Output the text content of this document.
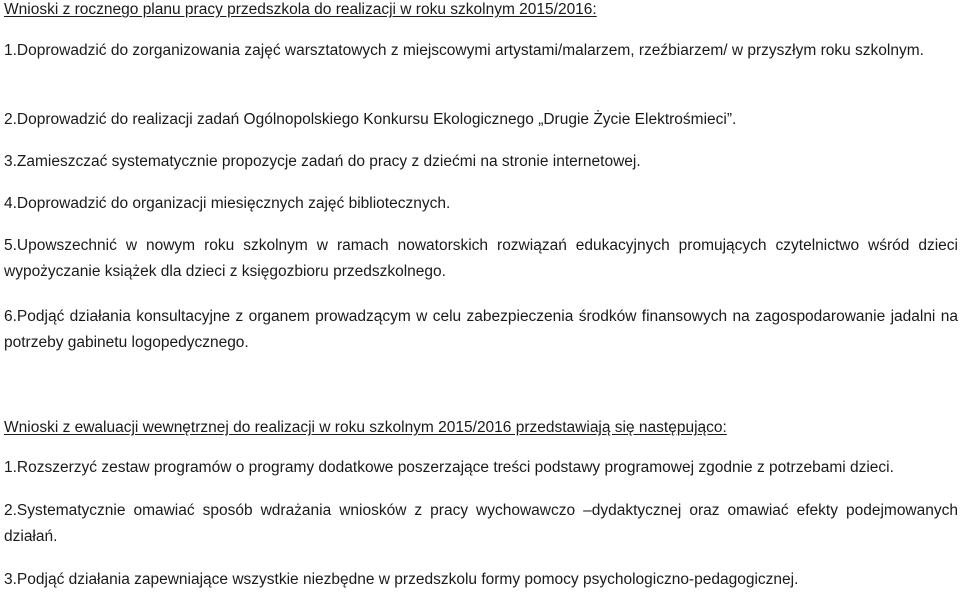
Wnioski z rocznego planu pracy przedszkola do realizacji w roku szkolnym 2015/2016:

1.Doprowadzić do zorganizowania zajęć warsztatowych z miejscowymi artystami/malarzem, rzeźbiarzem/ w przyszłym roku szkolnym.

2.Doprowadzić do realizacji zadań Ogólnopolskiego Konkursu Ekologicznego „Drugie Życie Elektrośmieci”.

3.Zamieszczać systematycznie propozycje zadań do pracy z dziećmi na stronie internetowej.

4.Doprowadzić do organizacji miesięcznych zajęć bibliotecznych.

5.Upowszechnić w nowym roku szkolnym w ramach nowatorskich rozwiązań edukacyjnych promujących czytelnictwo wśród dzieci wypożyczanie książek dla dzieci z księgozbioru przedszkolnego.

6.Podjąć działania konsultacyjne z organem prowadzącym w celu zabezpieczenia środków finansowych na zagospodarowanie jadalni na potrzeby gabinetu logopedycznego.

Wnioski z ewaluacji wewnętrznej do realizacji w roku szkolnym 2015/2016 przedstawiają się następująco:

1.Rozszerzyć zestaw programów o programy dodatkowe poszerzające treści podstawy programowej zgodnie z potrzebami dzieci.

2.Systematycznie omawiać sposób wdrażania wniosków z pracy wychowawczo –dydaktycznej oraz omawiać efekty podejmowanych działań.

3.Podjąć działania zapewniające wszystkie niezbędne w przedszkolu formy pomocy psychologiczno-pedagogicznej.
